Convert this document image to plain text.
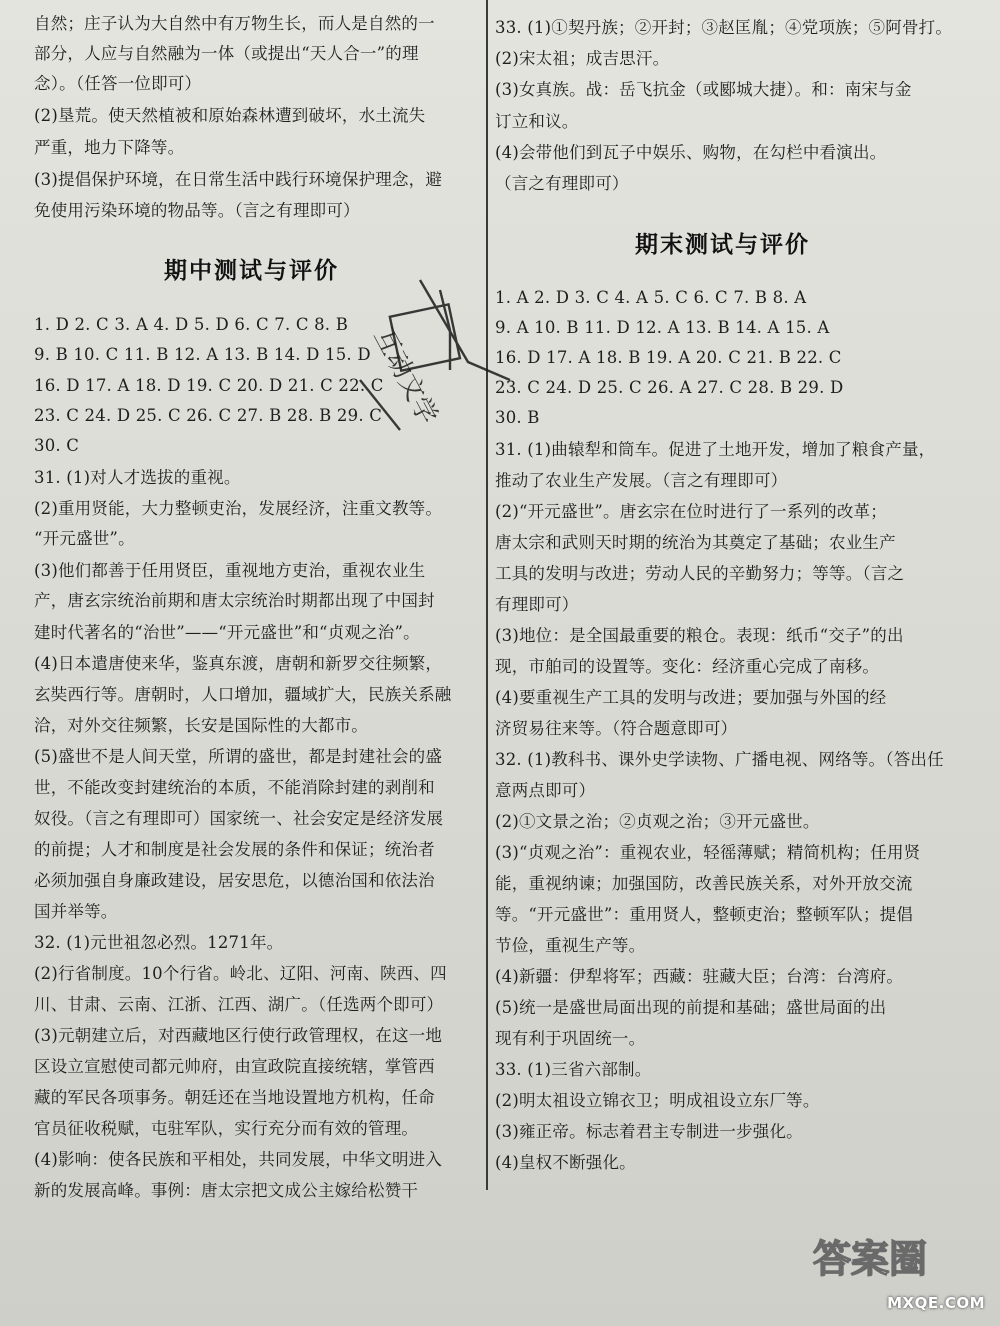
自然；庄子认为大自然中有万物生长，而人是自然的一
部分，人应与自然融为一体（或提出“天人合一”的理
念）。（任答一位即可）
(2)垦荒。使天然植被和原始森林遭到破坏，水土流失
严重，地力下降等。
(3)提倡保护环境，在日常生活中践行环境保护理念，避
免使用污染环境的物品等。（言之有理即可）
期中测试与评价
1. D 2. C 3. A 4. D 5. D 6. C 7. C 8. B
9. B 10. C 11. B 12. A 13. B 14. D 15. D
16. D 17. A 18. D 19. C 20. D 21. C 22. C
23. C 24. D 25. C 26. C 27. B 28. B 29. C
30. C
31. (1)对人才选拔的重视。
(2)重用贤能，大力整顿吏治，发展经济，注重文教等。
“开元盛世”。
(3)他们都善于任用贤臣，重视地方吏治，重视农业生
产，唐玄宗统治前期和唐太宗统治时期都出现了中国封
建时代著名的“治世”——“开元盛世”和“贞观之治”。
(4)日本遣唐使来华，鉴真东渡，唐朝和新罗交往频繁，
玄奘西行等。唐朝时，人口增加，疆域扩大，民族关系融
洽，对外交往频繁，长安是国际性的大都市。
(5)盛世不是人间天堂，所谓的盛世，都是封建社会的盛
世，不能改变封建统治的本质，不能消除封建的剥削和
奴役。（言之有理即可）国家统一、社会安定是经济发展
的前提；人才和制度是社会发展的条件和保证；统治者
必须加强自身廉政建设，居安思危，以德治国和依法治
国并举等。
32. (1)元世祖忽必烈。1271年。
(2)行省制度。10个行省。岭北、辽阳、河南、陕西、四
川、甘肃、云南、江浙、江西、湖广。（任选两个即可）
(3)元朝建立后，对西藏地区行使行政管理权，在这一地
区设立宣慰使司都元帅府，由宣政院直接统辖，掌管西
藏的军民各项事务。朝廷还在当地设置地方机构，任命
官员征收税赋，屯驻军队，实行充分而有效的管理。
(4)影响：使各民族和平相处，共同发展，中华文明进入
新的发展高峰。事例：唐太宗把文成公主嫁给松赞干
33. (1)①契丹族；②开封；③赵匡胤；④党项族；⑤阿骨打。
(2)宋太祖；成吉思汗。
(3)女真族。战：岳飞抗金（或郾城大捷）。和：南宋与金
订立和议。
(4)会带他们到瓦子中娱乐、购物，在勾栏中看演出。
（言之有理即可）
期末测试与评价
1. A 2. D 3. C 4. A 5. C 6. C 7. B 8. A
9. A 10. B 11. D 12. A 13. B 14. A 15. A
16. D 17. A 18. B 19. A 20. C 21. B 22. C
23. C 24. D 25. C 26. A 27. C 28. B 29. D
30. B
31. (1)曲辕犁和筒车。促进了土地开发，增加了粮食产量，
推动了农业生产发展。（言之有理即可）
(2)“开元盛世”。唐玄宗在位时进行了一系列的改革；
唐太宗和武则天时期的统治为其奠定了基础；农业生产
工具的发明与改进；劳动人民的辛勤努力；等等。（言之
有理即可）
(3)地位：是全国最重要的粮仓。表现：纸币“交子”的出
现，市舶司的设置等。变化：经济重心完成了南移。
(4)要重视生产工具的发明与改进；要加强与外国的经
济贸易往来等。（符合题意即可）
32. (1)教科书、课外史学读物、广播电视、网络等。（答出任
意两点即可）
(2)①文景之治；②贞观之治；③开元盛世。
(3)“贞观之治”：重视农业，轻徭薄赋；精简机构；任用贤
能，重视纳谏；加强国防，改善民族关系，对外开放交流
等。“开元盛世”：重用贤人，整顿吏治；整顿军队；提倡
节俭，重视生产等。
(4)新疆：伊犁将军；西藏：驻藏大臣；台湾：台湾府。
(5)统一是盛世局面出现的前提和基础；盛世局面的出
现有利于巩固统一。
33. (1)三省六部制。
(2)明太祖设立锦衣卫；明成祖设立东厂等。
(3)雍正帝。标志着君主专制进一步强化。
(4)皇权不断强化。
互动文学
答案圈
MXQE.COM
